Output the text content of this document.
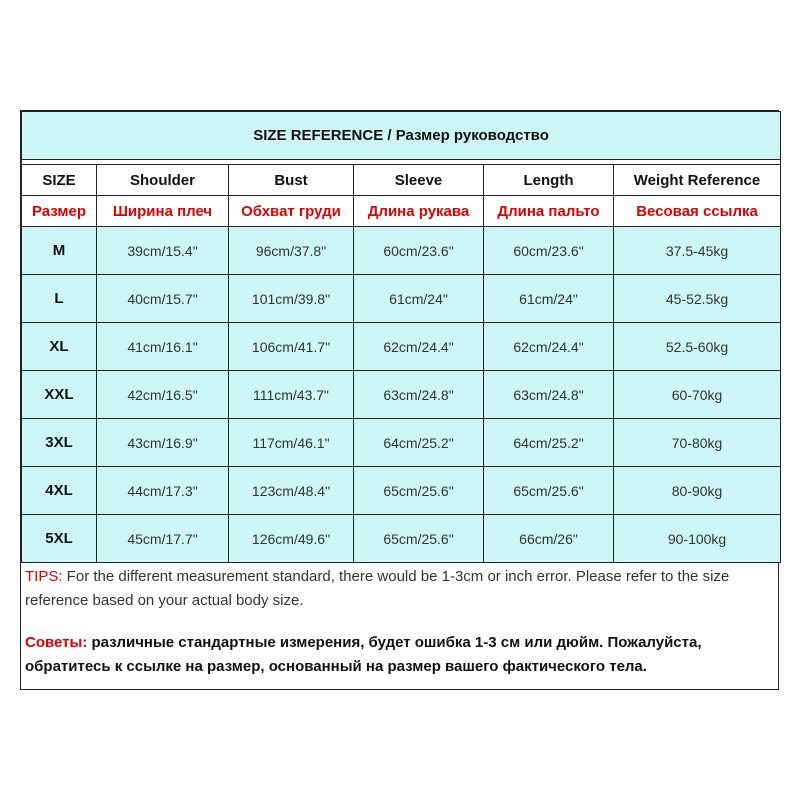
SIZE REFERENCE / Размер руководство					

SIZE	Shoulder	Bust	Sleeve	Length	Weight Reference
Размер	Ширина плеч	Обхват груди	Длина рукава	Длина пальто	Весовая ссылка
M	39cm/15.4"	96cm/37.8"	60cm/23.6"	60cm/23.6"	37.5-45kg
L	40cm/15.7"	101cm/39.8"	61cm/24"	61cm/24"	45-52.5kg
XL	41cm/16.1"	106cm/41.7"	62cm/24.4"	62cm/24.4"	52.5-60kg
XXL	42cm/16.5"	111cm/43.7"	63cm/24.8"	63cm/24.8"	60-70kg
3XL	43cm/16.9"	117cm/46.1"	64cm/25.2"	64cm/25.2"	70-80kg
4XL	44cm/17.3"	123cm/48.4"	65cm/25.6"	65cm/25.6"	80-90kg
5XL	45cm/17.7"	126cm/49.6"	65cm/25.6"	66cm/26"	90-100kg
TIPS: For the different measurement standard, there would be 1-3cm or inch error. Please refer to the size reference based on your actual body size.
Советы: различные стандартные измерения, будет ошибка 1-3 см или дюйм. Пожалуйста, обратитесь к ссылке на размер, основанный на размер вашего фактического тела.
